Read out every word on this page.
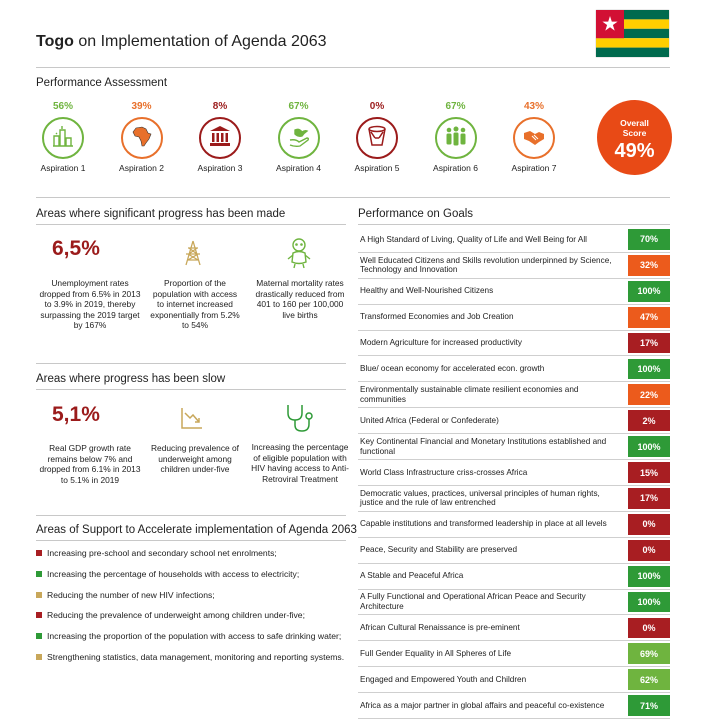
Togo on Implementation of Agenda 2063
Performance Assessment
56%
Aspiration 1
39%
Aspiration 2
8%
Aspiration 3
67%
Aspiration 4
0%
Aspiration 5
67%
Aspiration 6
43%
Aspiration 7
Overall
Score
49%
Areas where significant progress has been made
6,5%
Unemployment rates dropped from 6.5% in 2013 to 3.9% in 2019, thereby surpassing the 2019 target by 167%
Proportion of the population with access to internet increased exponentially from 5.2% to 54%
Maternal mortality rates drastically reduced from 401 to 160 per 100,000 live births
Areas where progress has been slow
5,1%
Real GDP growth rate remains below 7% and dropped from 6.1% in 2013 to 5.1% in 2019
Reducing prevalence of underweight among children under-five
Increasing the percentage of eligible population with HIV having access to Anti-Retroviral Treatment
Areas of Support to Accelerate implementation of Agenda 2063
Increasing pre-school and secondary school net enrolments;
Increasing the percentage of households with access to electricity;
Reducing the number of new HIV infections;
Reducing the prevalence of underweight among children under-five;
Increasing the proportion of the population with access to safe drinking water;
Strengthening statistics, data management, monitoring and reporting systems.
Performance on Goals
A High Standard of Living, Quality of Life and Well Being for All	70%
Well Educated Citizens and Skills revolution underpinned by Science, Technology and Innovation	32%
Healthy and Well-Nourished Citizens	100%
Transformed Economies and Job Creation	47%
Modern Agriculture for increased productivity	17%
Blue/ ocean economy for accelerated econ. growth	100%
Environmentally sustainable climate resilient economies and communities	22%
United Africa (Federal or Confederate)	2%
Key Continental Financial and Monetary Institutions established and functional	100%
World Class Infrastructure criss-crosses Africa	15%
Democratic values, practices, universal principles of human rights, justice and the rule of law entrenched	17%
Capable institutions and transformed leadership in place at all levels	0%
Peace, Security and Stability are preserved	0%
A Stable and Peaceful Africa	100%
A Fully Functional and Operational African Peace and Security Architecture	100%
African Cultural Renaissance is pre-eminent	0%
Full Gender Equality in All Spheres of Life	69%
Engaged and Empowered Youth and Children	62%
Africa as a major partner in global affairs and peaceful co-existence	71%
